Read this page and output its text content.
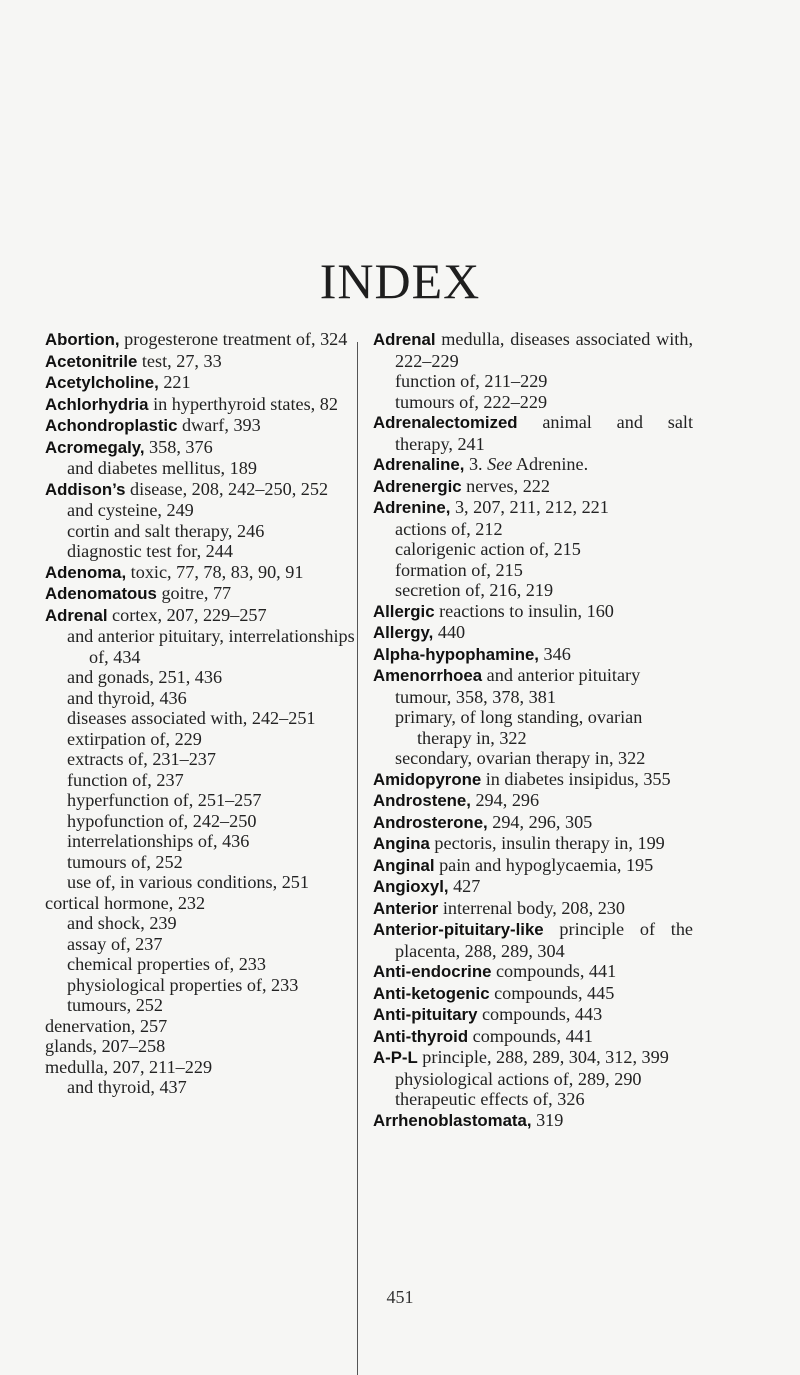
INDEX

Abortion, progesterone treatment of, 324

Acetonitrile test, 27, 33

Acetylcholine, 221

Achlorhydria in hyperthyroid states, 82

Achondroplastic dwarf, 393

Acromegaly, 358, 376

and diabetes mellitus, 189

Addison’s disease, 208, 242–250, 252

and cysteine, 249

cortin and salt therapy, 246

diagnostic test for, 244

Adenoma, toxic, 77, 78, 83, 90, 91

Adenomatous goitre, 77

Adrenal cortex, 207, 229–257

and anterior pituitary, interrelationships of, 434

and gonads, 251, 436

and thyroid, 436

diseases associated with, 242–251

extirpation of, 229

extracts of, 231–237

function of, 237

hyperfunction of, 251–257

hypofunction of, 242–250

interrelationships of, 436

tumours of, 252

use of, in various conditions, 251

cortical hormone, 232

and shock, 239

assay of, 237

chemical properties of, 233

physiological properties of, 233

tumours, 252

denervation, 257

glands, 207–258

medulla, 207, 211–229

and thyroid, 437

Adrenal medulla, diseases associated with, 222–229

function of, 211–229

tumours of, 222–229

Adrenalectomized animal and salt therapy, 241

Adrenaline, 3. See Adrenine.

Adrenergic nerves, 222

Adrenine, 3, 207, 211, 212, 221

actions of, 212

calorigenic action of, 215

formation of, 215

secretion of, 216, 219

Allergic reactions to insulin, 160

Allergy, 440

Alpha-hypophamine, 346

Amenorrhoea and anterior pituitary tumour, 358, 378, 381

primary, of long standing, ovarian therapy in, 322

secondary, ovarian therapy in, 322

Amidopyrone in diabetes insipidus, 355

Androstene, 294, 296

Androsterone, 294, 296, 305

Angina pectoris, insulin therapy in, 199

Anginal pain and hypoglycaemia, 195

Angioxyl, 427

Anterior interrenal body, 208, 230

Anterior-pituitary-like principle of the placenta, 288, 289, 304

Anti-endocrine compounds, 441

Anti-ketogenic compounds, 445

Anti-pituitary compounds, 443

Anti-thyroid compounds, 441

A-P-L principle, 288, 289, 304, 312, 399

physiological actions of, 289, 290

therapeutic effects of, 326

Arrhenoblastomata, 319

451
